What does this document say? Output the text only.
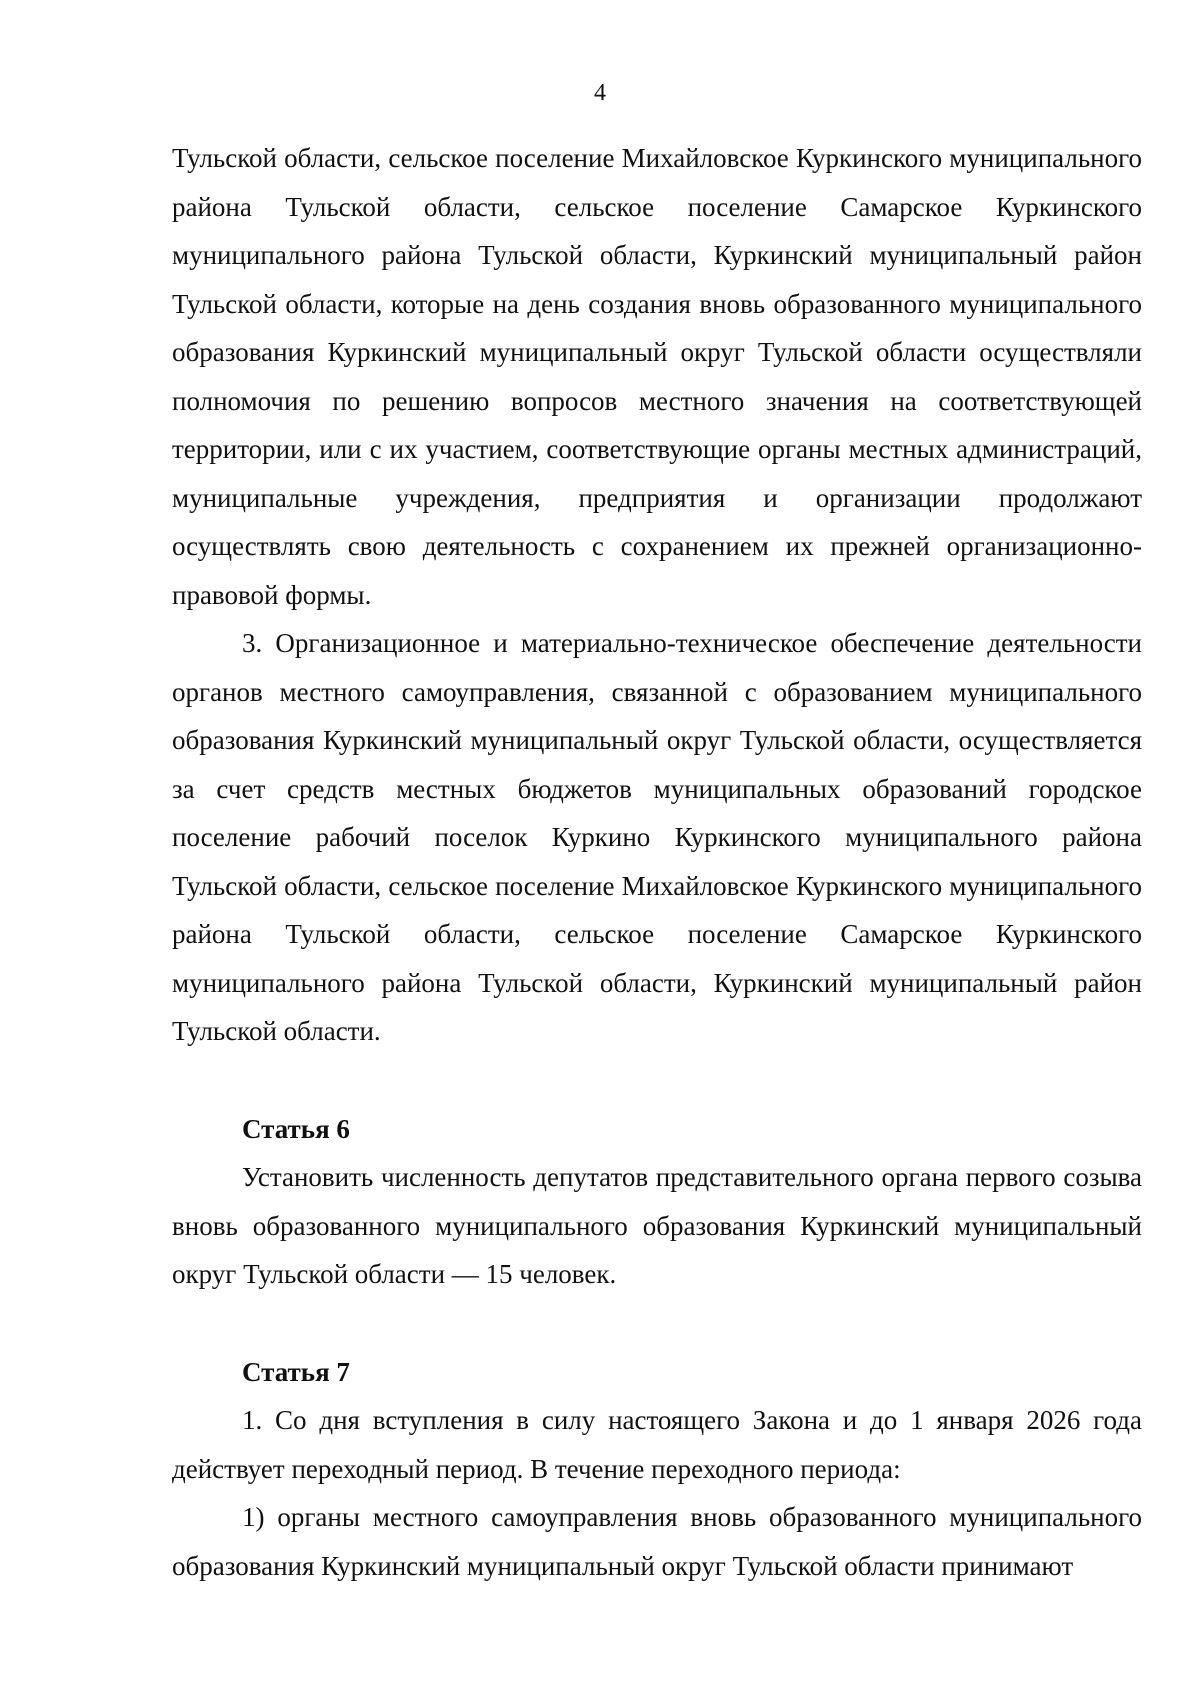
4

Тульской области, сельское поселение Михайловское Куркинского муниципального района Тульской области, сельское поселение Самарское Куркинского муниципального района Тульской области, Куркинский муниципальный район Тульской области, которые на день создания вновь образованного муниципального образования Куркинский муниципальный округ Тульской области осуществляли полномочия по решению вопросов местного значения на соответствующей территории, или с их участием, соответствующие органы местных администраций, муниципальные учреждения, предприятия и организации продолжают осуществлять свою деятельность с сохранением их прежней организационно-правовой формы.

3. Организационное и материально-техническое обеспечение деятельности органов местного самоуправления, связанной с образованием муниципального образования Куркинский муниципальный округ Тульской области, осуществляется за счет средств местных бюджетов муниципальных образований городское поселение рабочий поселок Куркино Куркинского муниципального района Тульской области, сельское поселение Михайловское Куркинского муниципального района Тульской области, сельское поселение Самарское Куркинского муниципального района Тульской области, Куркинский муниципальный район Тульской области.

Статья 6

Установить численность депутатов представительного органа первого созыва вновь образованного муниципального образования Куркинский муниципальный округ Тульской области — 15 человек.

Статья 7

1. Со дня вступления в силу настоящего Закона и до 1 января 2026 года действует переходный период. В течение переходного периода:

1) органы местного самоуправления вновь образованного муниципального образования Куркинский муниципальный округ Тульской области принимают
